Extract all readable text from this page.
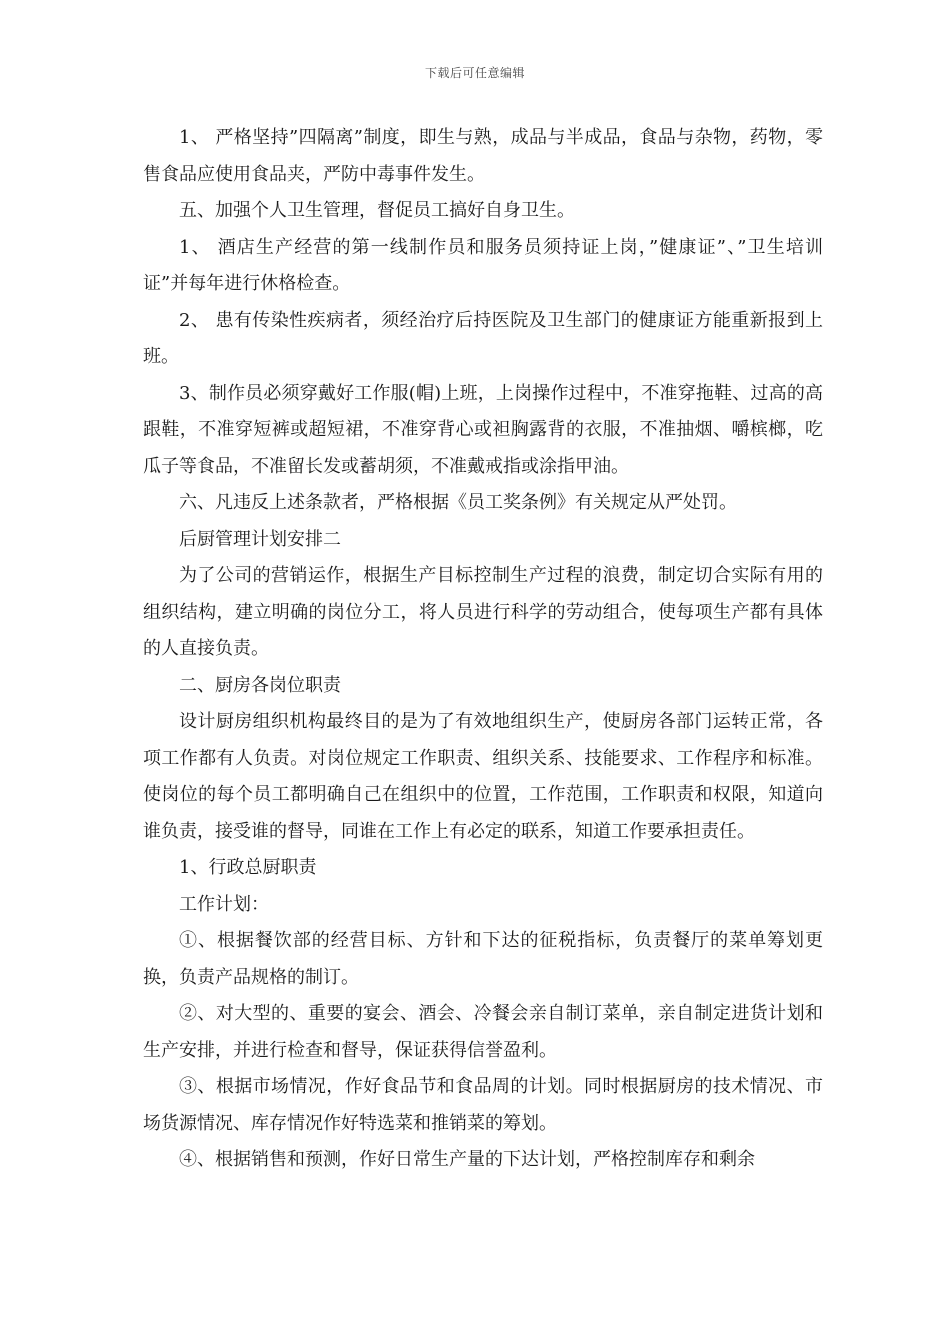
下载后可任意编辑

1、 严格坚持”四隔离”制度，即生与熟，成品与半成品，食品与杂物，药物，零售食品应使用食品夹，严防中毒事件发生。

五、加强个人卫生管理，督促员工搞好自身卫生。

1、 酒店生产经营的第一线制作员和服务员须持证上岗，”健康证”、”卫生培训证”并每年进行休格检查。

2、 患有传染性疾病者，须经治疗后持医院及卫生部门的健康证方能重新报到上班。

3、制作员必须穿戴好工作服(帽)上班，上岗操作过程中，不准穿拖鞋、过高的高跟鞋，不准穿短裤或超短裙，不准穿背心或袒胸露背的衣服，不准抽烟、嚼槟榔，吃瓜子等食品，不准留长发或蓄胡须，不准戴戒指或涂指甲油。

六、凡违反上述条款者，严格根据《员工奖条例》有关规定从严处罚。

后厨管理计划安排二

为了公司的营销运作，根据生产目标控制生产过程的浪费，制定切合实际有用的组织结构，建立明确的岗位分工，将人员进行科学的劳动组合，使每项生产都有具体的人直接负责。

二、厨房各岗位职责

设计厨房组织机构最终目的是为了有效地组织生产，使厨房各部门运转正常，各项工作都有人负责。对岗位规定工作职责、组织关系、技能要求、工作程序和标准。使岗位的每个员工都明确自己在组织中的位置，工作范围，工作职责和权限，知道向谁负责，接受谁的督导，同谁在工作上有必定的联系，知道工作要承担责任。

1、行政总厨职责

工作计划：

①、根据餐饮部的经营目标、方针和下达的征税指标，负责餐厅的菜单筹划更换，负责产品规格的制订。

②、对大型的、重要的宴会、酒会、冷餐会亲自制订菜单，亲自制定进货计划和生产安排，并进行检查和督导，保证获得信誉盈利。

③、根据市场情况，作好食品节和食品周的计划。同时根据厨房的技术情况、市场货源情况、库存情况作好特选菜和推销菜的筹划。

④、根据销售和预测，作好日常生产量的下达计划，严格控制库存和剩余
